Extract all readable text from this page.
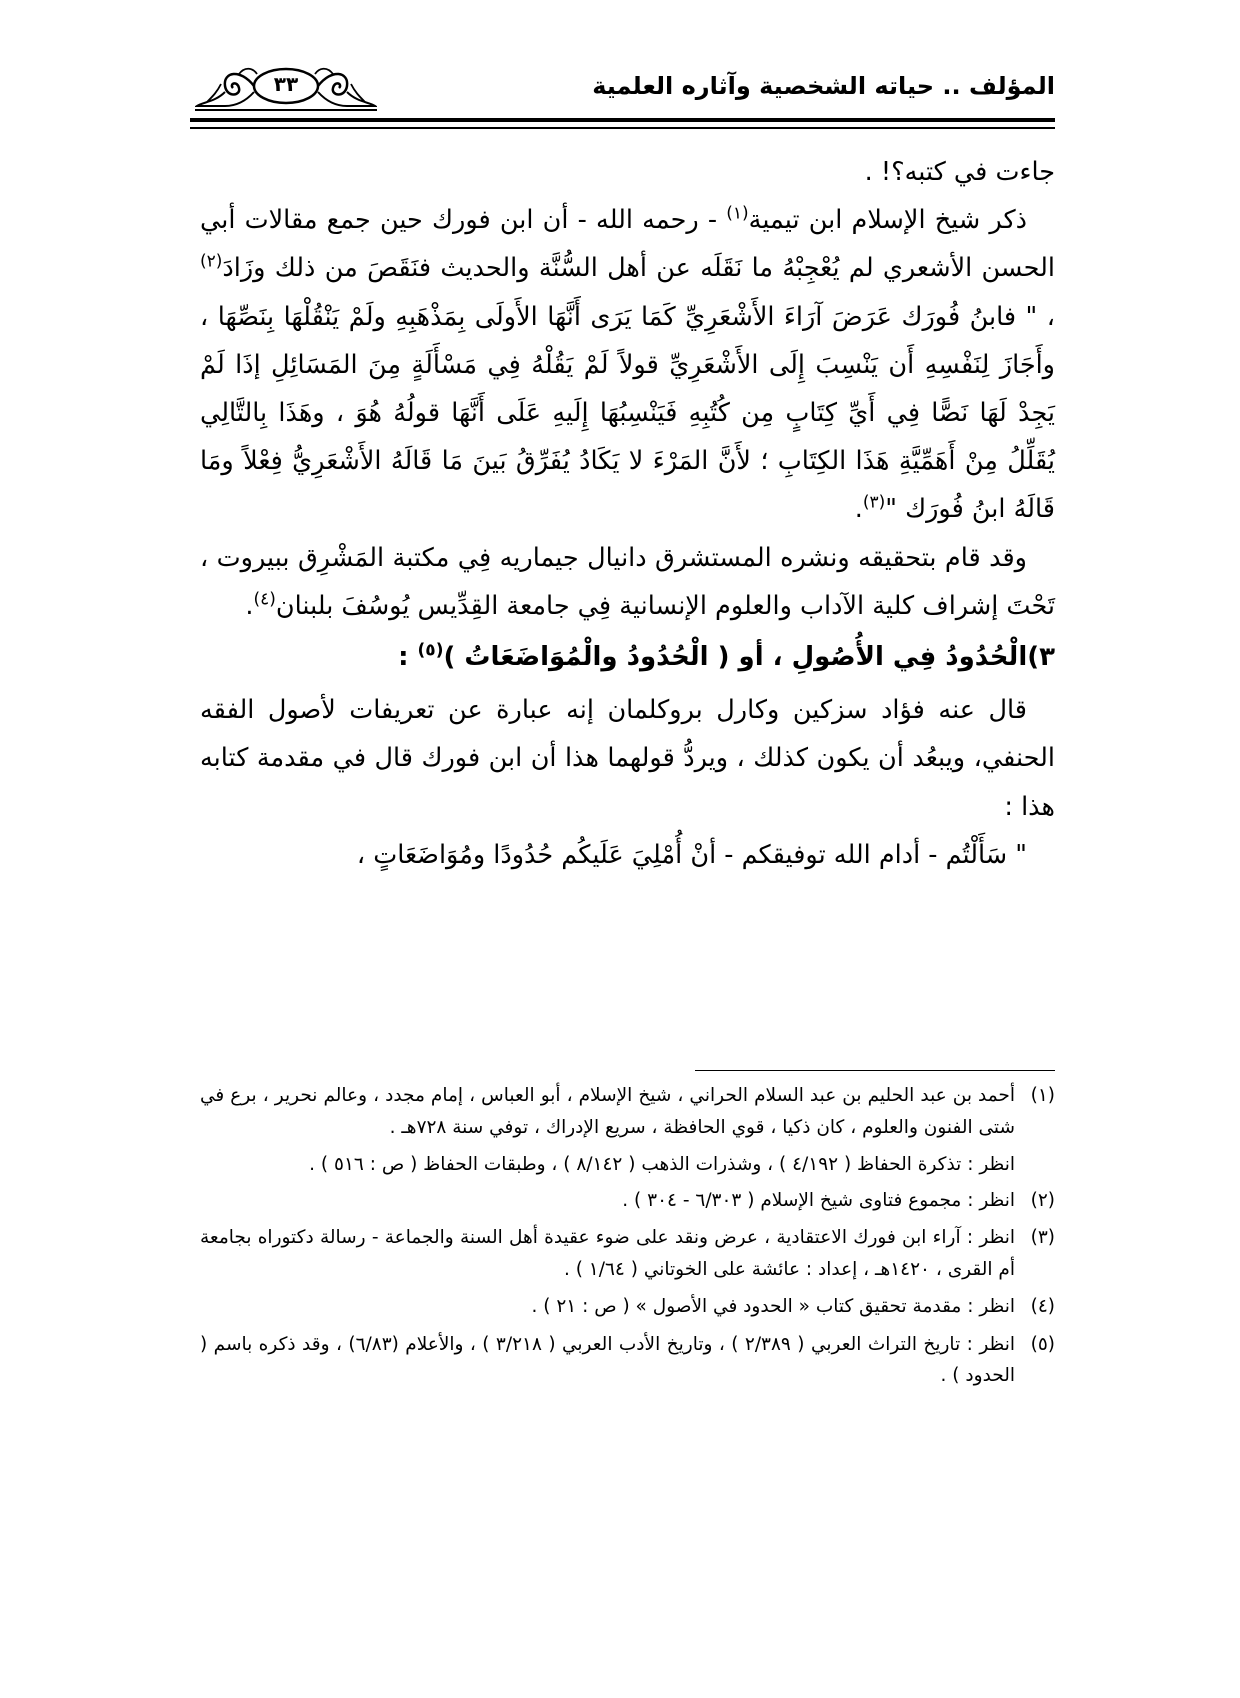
المؤلف .. حياته الشخصية وآثاره العلمية
٣٣

جاءت في كتبه؟! .

ذكر شيخ الإسلام ابن تيمية$^{(١)}$ - رحمه الله - أن ابن فورك حين جمع مقالات أبي الحسن الأشعري لم يُعْجِبْهُ ما نَقَلَه عن أهل السُّنَّة والحديث فنَقَصَ من ذلك وزَادَ$^{(٢)}$ ، " فابنُ فُورَك عَرَضَ آرَاءَ الأَشْعَرِيِّ كَمَا يَرَى أَنَّهَا الأَولَى بِمَذْهَبِهِ ولَمْ يَنْقُلْهَا بِنَصِّهَا ، وأَجَازَ لِنَفْسِهِ أَن يَنْسِبَ إِلَى الأَشْعَرِيِّ قولاً لَمْ يَقُلْهُ فِي مَسْأَلَةٍ مِنَ المَسَائِلِ إذَا لَمْ يَجِدْ لَهَا نَصًّا فِي أَيِّ كِتَابٍ مِن كُتُبِهِ فَيَنْسِبُهَا إِلَيهِ عَلَى أَنَّهَا قولُهُ هُوَ ، وهَذَا بِالتَّالِي يُقَلِّلُ مِنْ أَهَمِّيَّةِ هَذَا الكِتَابِ ؛ لأَنَّ المَرْءَ لا يَكَادُ يُفَرِّقُ بَينَ مَا قَالَهُ الأَشْعَرِيُّ فِعْلاً ومَا قَالَهُ ابنُ فُورَك "$^{(٣)}$.

وقد قام بتحقيقه ونشره المستشرق دانيال جيماريه فِي مكتبة المَشْرِق ببيروت ، تَحْتَ إشراف كلية الآداب والعلوم الإنسانية فِي جامعة القِدِّيس يُوسُفَ بلبنان$^{(٤)}$.

٣)الْحُدُودُ فِي الأُصُولِ ، أو ( الْحُدُودُ والْمُوَاضَعَاتُ )$^{(٥)}$ :

قال عنه فؤاد سزكين وكارل بروكلمان إنه عبارة عن تعريفات لأصول الفقه الحنفي، ويبعُد أن يكون كذلك ، ويردُّ قولهما هذا أن ابن فورك قال في مقدمة كتابه هذا :

" سَأَلْتُم - أدام الله توفيقكم - أنْ أُمْلِيَ عَلَيكُم حُدُودًا ومُوَاضَعَاتٍ ،

(١)
أحمد بن عبد الحليم بن عبد السلام الحراني ، شيخ الإسلام ، أبو العباس ، إمام مجدد ، وعالم نحرير ، برع في شتى الفنون والعلوم ، كان ذكيا ، قوي الحافظة ، سريع الإدراك ، توفي سنة ٧٢٨هـ .
انظر : تذكرة الحفاظ ( ٤/١٩٢ ) ، وشذرات الذهب ( ٨/١٤٢ ) ، وطبقات الحفاظ ( ص : ٥١٦ ) .
(٢)
انظر : مجموع فتاوى شيخ الإسلام ( ٦/٣٠٣ - ٣٠٤ ) .
(٣)
انظر : آراء ابن فورك الاعتقادية ، عرض ونقد على ضوء عقيدة أهل السنة والجماعة - رسالة دكتوراه بجامعة أم القرى ، ١٤٢٠هـ ، إعداد : عائشة على الخوتاني ( ١/٦٤ ) .
(٤)
انظر : مقدمة تحقيق كتاب « الحدود في الأصول » ( ص : ٢١ ) .
(٥)
انظر : تاريخ التراث العربي ( ٢/٣٨٩ ) ، وتاريخ الأدب العربي ( ٣/٢١٨ ) ، والأعلام (٦/٨٣) ، وقد ذكره باسم ( الحدود ) .
